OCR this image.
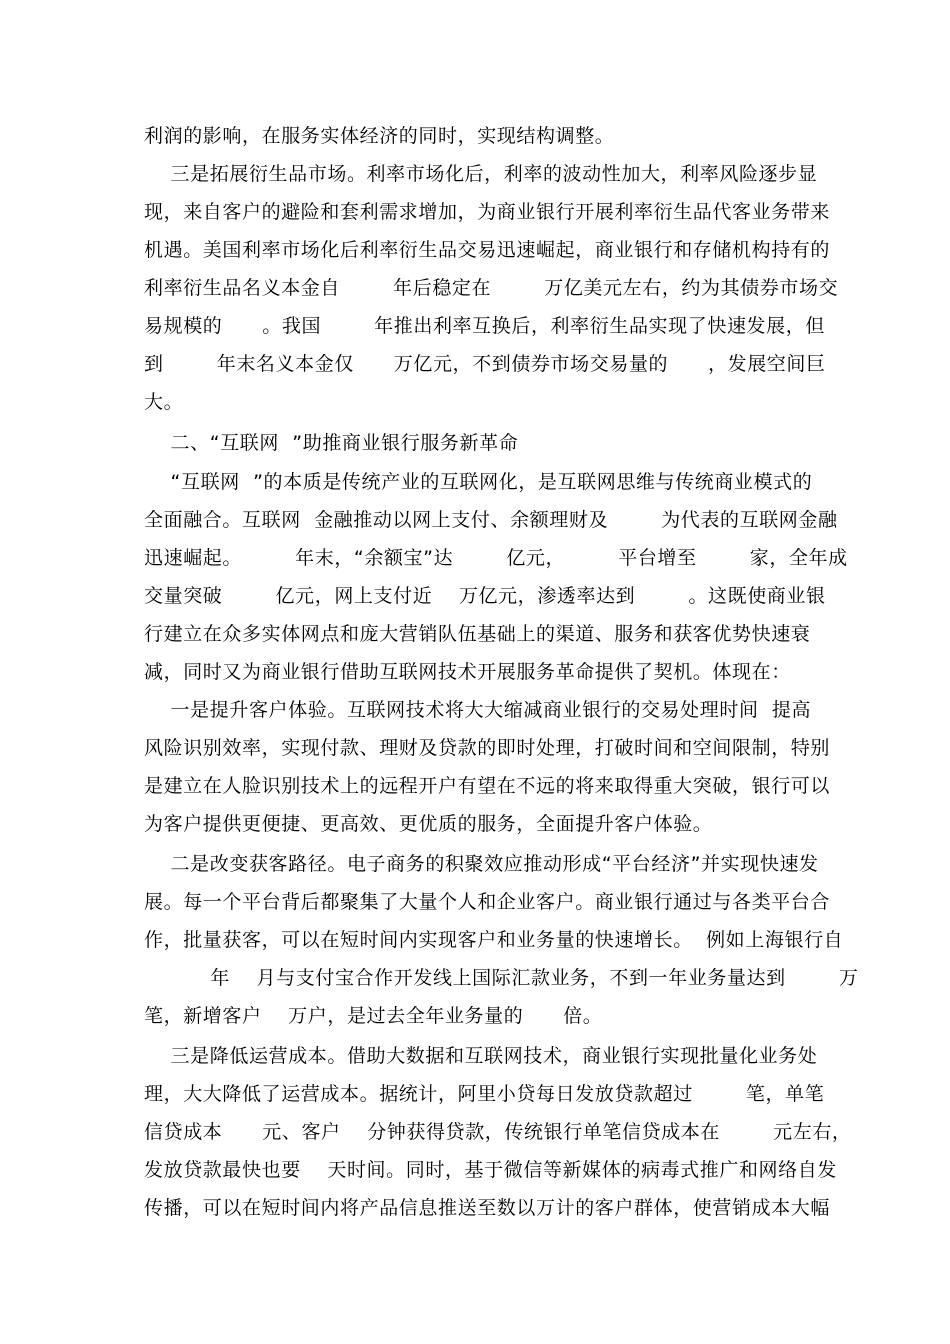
利润的影响，在服务实体经济的同时，实现结构调整。
三是拓展衍生品市场。利率市场化后，利率的波动性加大，利率风险逐步显
现，来自客户的避险和套利需求增加，为商业银行开展利率衍生品代客业务带来
机遇。美国利率市场化后利率衍生品交易迅速崛起，商业银行和存储机构持有的
利率衍生品名义本金自        年后稳定在        万亿美元左右，约为其债券市场交
易规模的      。我国        年推出利率互换后，利率衍生品实现了快速发展，但
到        年末名义本金仅      万亿元，不到债券市场交易量的      ，发展空间巨
大。
二、“互联网  ”助推商业银行服务新革命
“互联网  ”的本质是传统产业的互联网化，是互联网思维与传统商业模式的
全面融合。互联网  金融推动以网上支付、余额理财及        为代表的互联网金融
迅速崛起。        年末，“余额宝”达        亿元，        平台增至        家，全年成
交量突破        亿元，网上支付近    万亿元，渗透率达到        。这既使商业银
行建立在众多实体网点和庞大营销队伍基础上的渠道、服务和获客优势快速衰
减，同时又为商业银行借助互联网技术开展服务革命提供了契机。体现在：
一是提升客户体验。互联网技术将大大缩减商业银行的交易处理时间  提高
风险识别效率，实现付款、理财及贷款的即时处理，打破时间和空间限制，特别
是建立在人脸识别技术上的远程开户有望在不远的将来取得重大突破，银行可以
为客户提供更便捷、更高效、更优质的服务，全面提升客户体验。
二是改变获客路径。电子商务的积聚效应推动形成“平台经济”并实现快速发
展。每一个平台背后都聚集了大量个人和企业客户。商业银行通过与各类平台合
作，批量获客，可以在短时间内实现客户和业务量的快速增长。  例如上海银行自
年    月与支付宝合作开发线上国际汇款业务，不到一年业务量达到        万
笔，新增客户    万户，是过去全年业务量的      倍。
三是降低运营成本。借助大数据和互联网技术，商业银行实现批量化业务处
理，大大降低了运营成本。据统计，阿里小贷每日发放贷款超过        笔，单笔
信贷成本      元、客户    分钟获得贷款，传统银行单笔信贷成本在        元左右，
发放贷款最快也要    天时间。同时，基于微信等新媒体的病毒式推广和网络自发
传播，可以在短时间内将产品信息推送至数以万计的客户群体，使营销成本大幅
